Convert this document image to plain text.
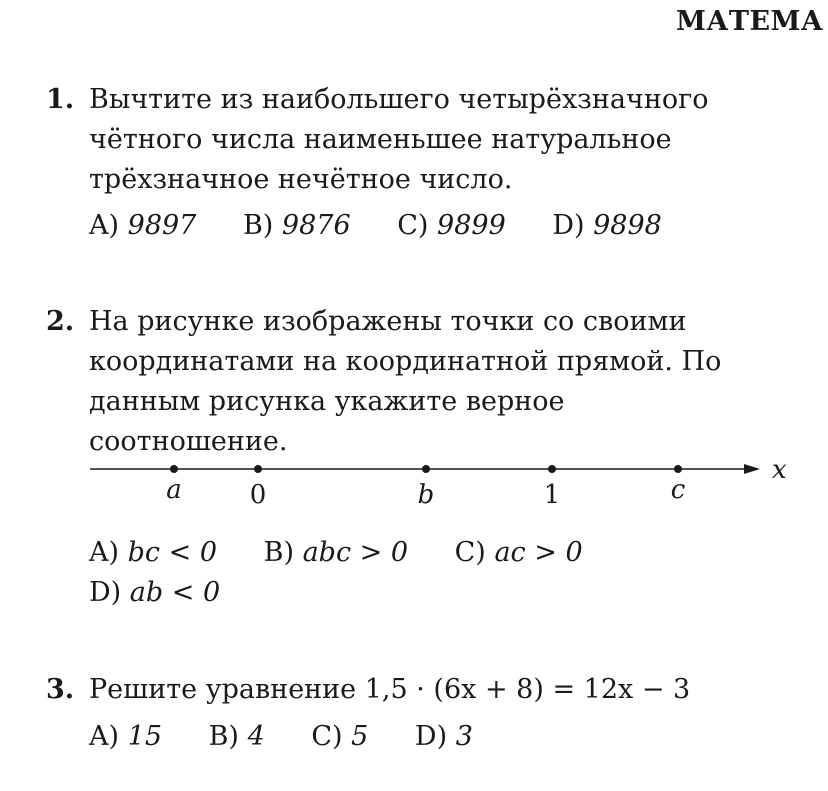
МАТЕМА
1. Вычтите из наибольшего четырёхзначного
чётного числа наименьшее натуральное
трёхзначное нечётное число.
A) 9897 B) 9876 C) 9899 D) 9898
2. На рисунке изображены точки со своими
координатами на координатной прямой. По
данным рисунка укажите верное
соотношение.
x
a	0	b	1	c
A) bc < 0 B) abc > 0 C) ac > 0
D) ab < 0
3. Решите уравнение 1,5 · (6x + 8) = 12x − 3
A) 15 B) 4 C) 5 D) 3
